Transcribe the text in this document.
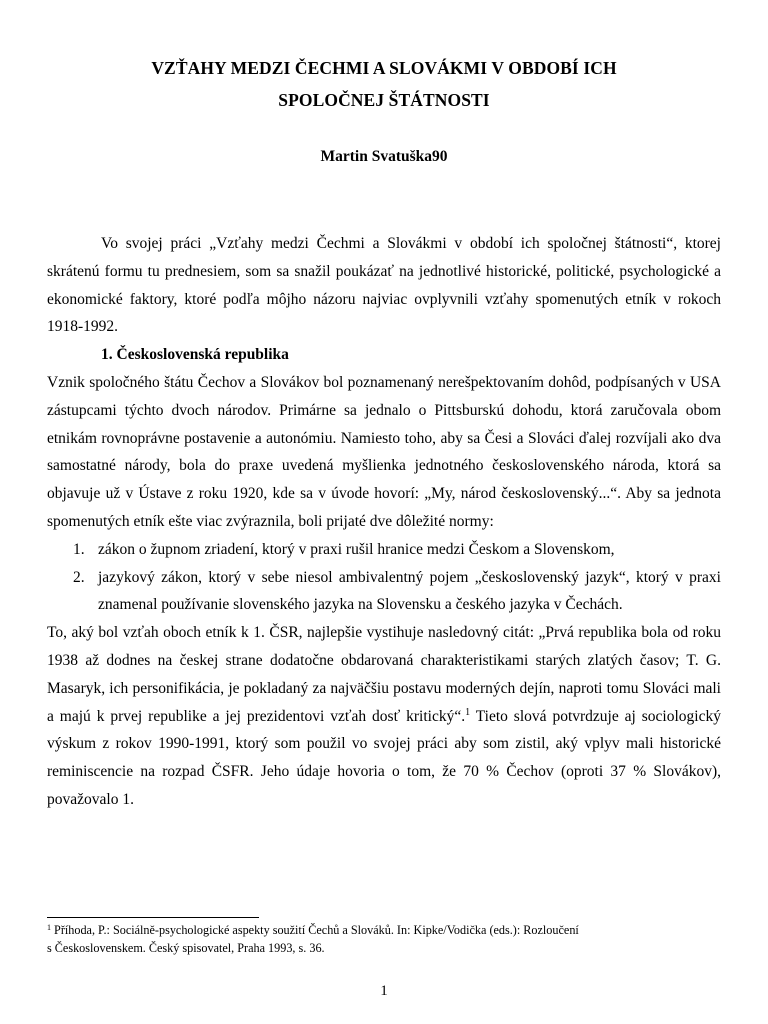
VZŤAHY MEDZI ČECHMI A SLOVÁKMI V OBDOBÍ ICH
SPOLOČNEJ ŠTÁTNOSTI
Martin Svatuška90

Vo svojej práci „Vzťahy medzi Čechmi a Slovákmi v období ich spoločnej štátnosti“, ktorej skrátenú formu tu prednesiem, som sa snažil poukázať na jednotlivé historické, politické, psychologické a ekonomické faktory, ktoré podľa môjho názoru najviac ovplyvnili vzťahy spomenutých etník v rokoch 1918-1992.

1. Československá republika

Vznik spoločného štátu Čechov a Slovákov bol poznamenaný nerešpektovaním dohôd, podpísaných v USA zástupcami týchto dvoch národov. Primárne sa jednalo o Pittsburskú dohodu, ktorá zaručovala obom etnikám rovnoprávne postavenie a autonómiu. Namiesto toho, aby sa Česi a Slováci ďalej rozvíjali ako dva samostatné národy, bola do praxe uvedená myšlienka jednotného československého národa, ktorá sa objavuje už v Ústave z roku 1920, kde sa v úvode hovorí: „My, národ československý...“. Aby sa jednota spomenutých etník ešte viac zvýraznila, boli prijaté dve dôležité normy:

1. zákon o župnom zriadení, ktorý v praxi rušil hranice medzi Českom a Slovenskom,
2. jazykový zákon, ktorý v sebe niesol ambivalentný pojem „československý jazyk“, ktorý v praxi znamenal používanie slovenského jazyka na Slovensku a českého jazyka v Čechách.

To, aký bol vzťah oboch etník k 1. ČSR, najlepšie vystihuje nasledovný citát: „Prvá republika bola od roku 1938 až dodnes na českej strane dodatočne obdarovaná charakteristikami starých zlatých časov; T. G. Masaryk, ich personifikácia, je pokladaný za najväčšiu postavu moderných dejín, naproti tomu Slováci mali a majú k prvej republike a jej prezidentovi vzťah dosť kritický“.$^1$ Tieto slová potvrdzuje aj sociologický výskum z rokov 1990-1991, ktorý som použil vo svojej práci aby som zistil, aký vplyv mali historické reminiscencie na rozpad ČSFR. Jeho údaje hovoria o tom, že 70 % Čechov (oproti 37 % Slovákov), považovalo 1.

$^1$ Příhoda, P.: Sociálně-psychologické aspekty soužití Čechů a Slováků. In: Kipke/Vodička (eds.): Rozloučení
s Československem. Český spisovatel, Praha 1993, s. 36.
1
